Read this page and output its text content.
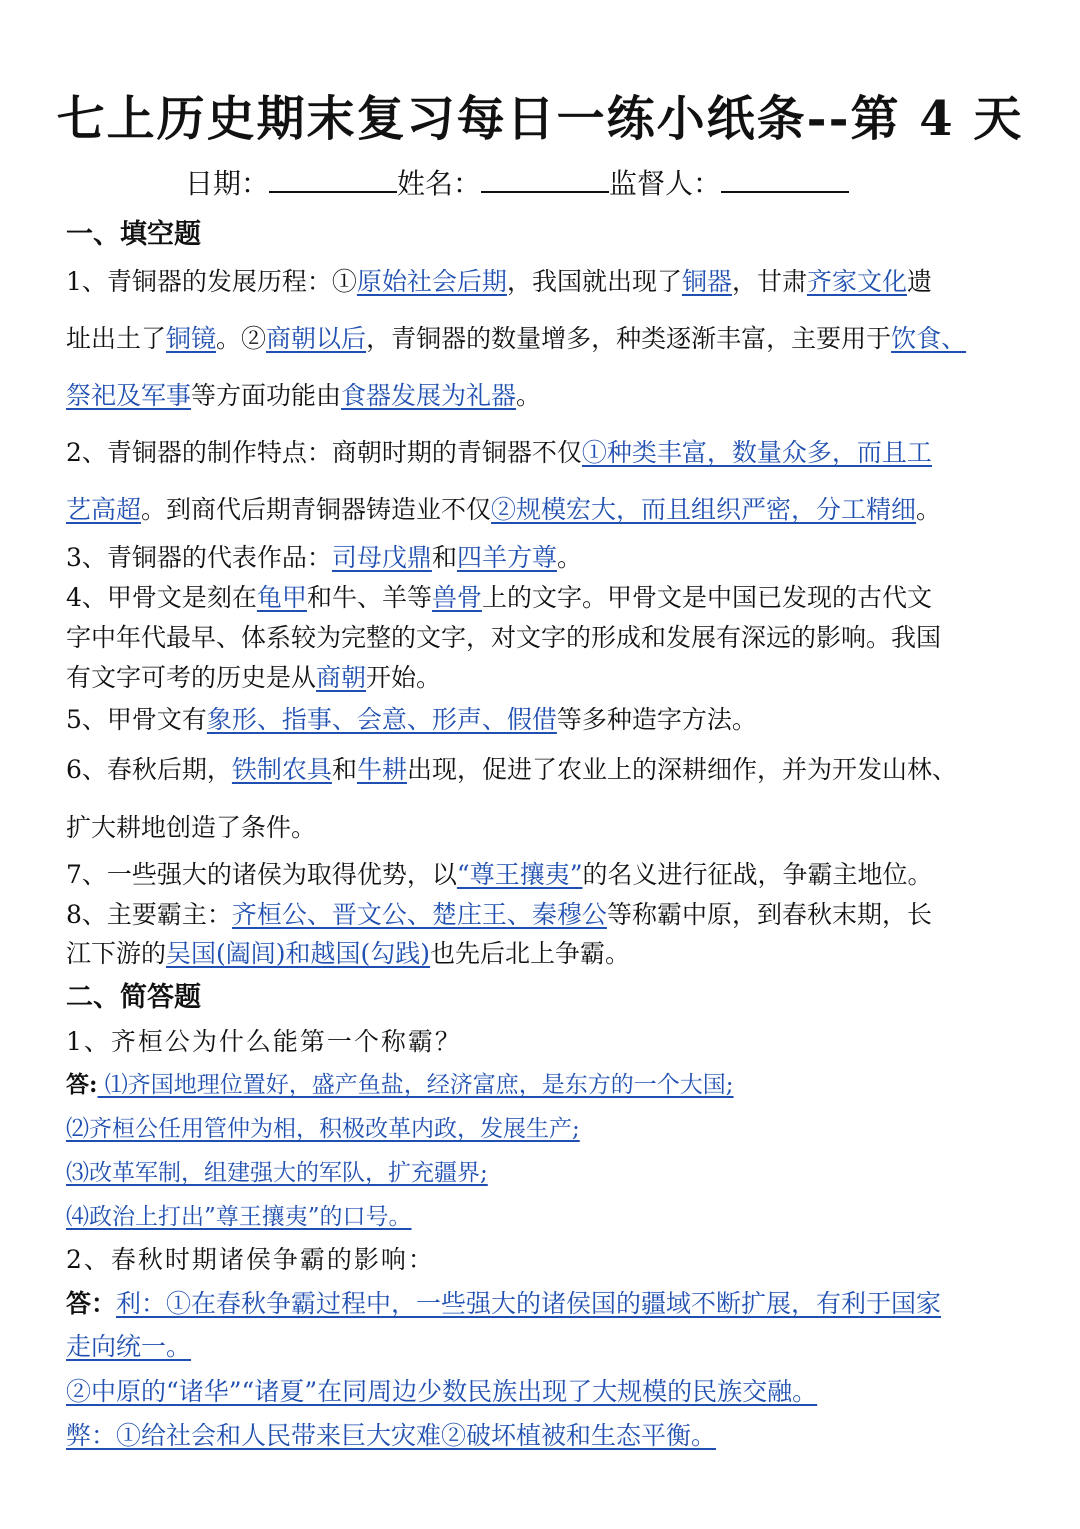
七上历史期末复习每日一练小纸条--第 4 天
日期：	姓名：	监督人：
一、填空题
1、青铜器的发展历程：①原始社会后期，我国就出现了铜器，甘肃齐家文化遗
址出土了铜镜。②商朝以后，青铜器的数量增多，种类逐渐丰富，主要用于饮食、
祭祀及军事等方面功能由食器发展为礼器。
2、青铜器的制作特点：商朝时期的青铜器不仅①种类丰富，数量众多，而且工
艺高超。到商代后期青铜器铸造业不仅②规模宏大，而且组织严密，分工精细。
3、青铜器的代表作品：司母戊鼎和四羊方尊。
4、甲骨文是刻在龟甲和牛、羊等兽骨上的文字。甲骨文是中国已发现的古代文
字中年代最早、体系较为完整的文字，对文字的形成和发展有深远的影响。我国
有文字可考的历史是从商朝开始。
5、甲骨文有象形、指事、会意、形声、假借等多种造字方法。
6、春秋后期，铁制农具和牛耕出现，促进了农业上的深耕细作，并为开发山林、
扩大耕地创造了条件。
7、一些强大的诸侯为取得优势，以“尊王攘夷”的名义进行征战，争霸主地位。
8、主要霸主：齐桓公、晋文公、楚庄王、秦穆公等称霸中原，到春秋末期，长
江下游的吴国(阖闾)和越国(勾践)也先后北上争霸。
二、简答题
1、齐桓公为什么能第一个称霸？
答: ⑴齐国地理位置好，盛产鱼盐，经济富庶，是东方的一个大国;
⑵齐桓公任用管仲为相，积极改革内政，发展生产;
⑶改革军制，组建强大的军队，扩充疆界;
⑷政治上打出”尊王攘夷”的口号。
2、春秋时期诸侯争霸的影响：
答：利：①在春秋争霸过程中，一些强大的诸侯国的疆域不断扩展，有利于国家
走向统一。
②中原的“诸华”“诸夏”在同周边少数民族出现了大规模的民族交融。
弊：①给社会和人民带来巨大灾难②破坏植被和生态平衡。
